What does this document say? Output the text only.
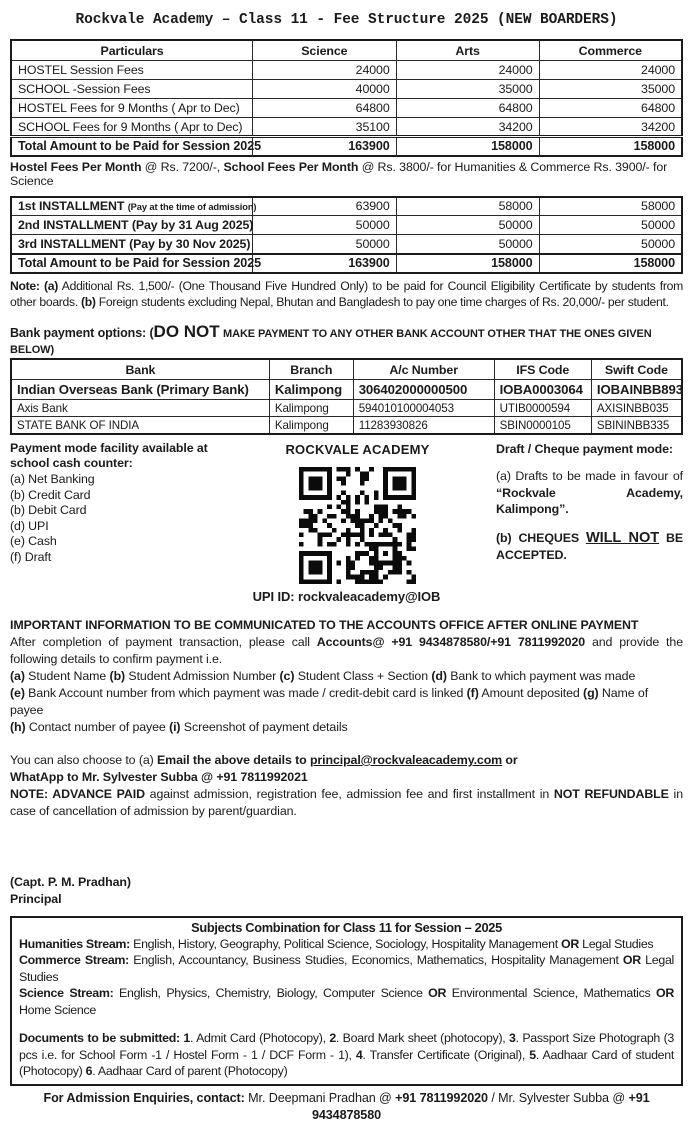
Rockvale Academy – Class 11 - Fee Structure 2025 (NEW BOARDERS)
Particulars	Science	Arts	Commerce
HOSTEL Session Fees	24000	24000	24000
SCHOOL -Session Fees	40000	35000	35000
HOSTEL Fees for 9 Months ( Apr to Dec)	64800	64800	64800
SCHOOL Fees for 9 Months ( Apr to Dec)	35100	34200	34200
Total Amount to be Paid for Session 2025	163900	158000	158000

Hostel Fees Per Month @ Rs. 7200/-, School Fees Per Month @ Rs. 3800/- for Humanities & Commerce Rs. 3900/- for Science

1st INSTALLMENT (Pay at the time of admission)	63900	58000	58000
2nd INSTALLMENT (Pay by 31 Aug 2025)	50000	50000	50000
3rd INSTALLMENT (Pay by 30 Nov 2025)	50000	50000	50000
Total Amount to be Paid for Session 2025	163900	158000	158000

Note: (a) Additional Rs. 1,500/- (One Thousand Five Hundred Only) to be paid for Council Eligibility Certificate by students from other boards. (b) Foreign students excluding Nepal, Bhutan and Bangladesh to pay one time charges of Rs. 20,000/- per student.

Bank payment options: (DO NOT MAKE PAYMENT TO ANY OTHER BANK ACCOUNT OTHER THAT THE ONES GIVEN BELOW)

Bank	Branch	A/c Number	IFS Code	Swift Code
Indian Overseas Bank (Primary Bank)	Kalimpong	306402000000500	IOBA0003064	IOBAINBB893
Axis Bank	Kalimpong	594010100004053	UTIB0000594	AXISINBB035
STATE BANK OF INDIA	Kalimpong	11283930826	SBIN0000105	SBININBB335

Payment mode facility available at school cash counter:

(a) Net Banking

(b) Credit Card

(b) Debit Card

(d) UPI

(e) Cash

(f) Draft

ROCKVALE ACADEMY	Draft / Cheque payment mode:

(a) Drafts to be made in favour of “Rockvale Academy, Kalimpong”.

(b) CHEQUES WILL NOT BE ACCEPTED.

UPI ID: rockvaleacademy@IOB

IMPORTANT INFORMATION TO BE COMMUNICATED TO THE ACCOUNTS OFFICE AFTER ONLINE PAYMENT

After completion of payment transaction, please call Accounts@ +91 9434878580/+91 7811992020 and provide the following details to confirm payment i.e.

(a) Student Name (b) Student Admission Number (c) Student Class + Section (d) Bank to which payment was made

(e) Bank Account number from which payment was made / credit-debit card is linked (f) Amount deposited (g) Name of payee

(h) Contact number of payee (i) Screenshot of payment details

You can also choose to (a) Email the above details to principal@rockvaleacademy.com or

WhatApp to Mr. Sylvester Subba @ +91 7811992021

NOTE: ADVANCE PAID against admission, registration fee, admission fee and first installment in NOT REFUNDABLE in case of cancellation of admission by parent/guardian.

(Capt. P. M. Pradhan)

Principal

Subjects Combination for Class 11 for Session – 2025

Humanities Stream: English, History, Geography, Political Science, Sociology, Hospitality Management OR Legal Studies

Commerce Stream: English, Accountancy, Business Studies, Economics, Mathematics, Hospitality Management OR Legal Studies

Science Stream: English, Physics, Chemistry, Biology, Computer Science OR Environmental Science, Mathematics OR Home Science

Documents to be submitted: 1. Admit Card (Photocopy), 2. Board Mark sheet (photocopy), 3. Passport Size Photograph (3 pcs i.e. for School Form -1 / Hostel Form - 1 / DCF Form - 1), 4. Transfer Certificate (Original), 5. Aadhaar Card of student (Photocopy) 6. Aadhaar Card of parent (Photocopy)

For Admission Enquiries, contact: Mr. Deepmani Pradhan @ +91 7811992020 / Mr. Sylvester Subba @ +91 9434878580
